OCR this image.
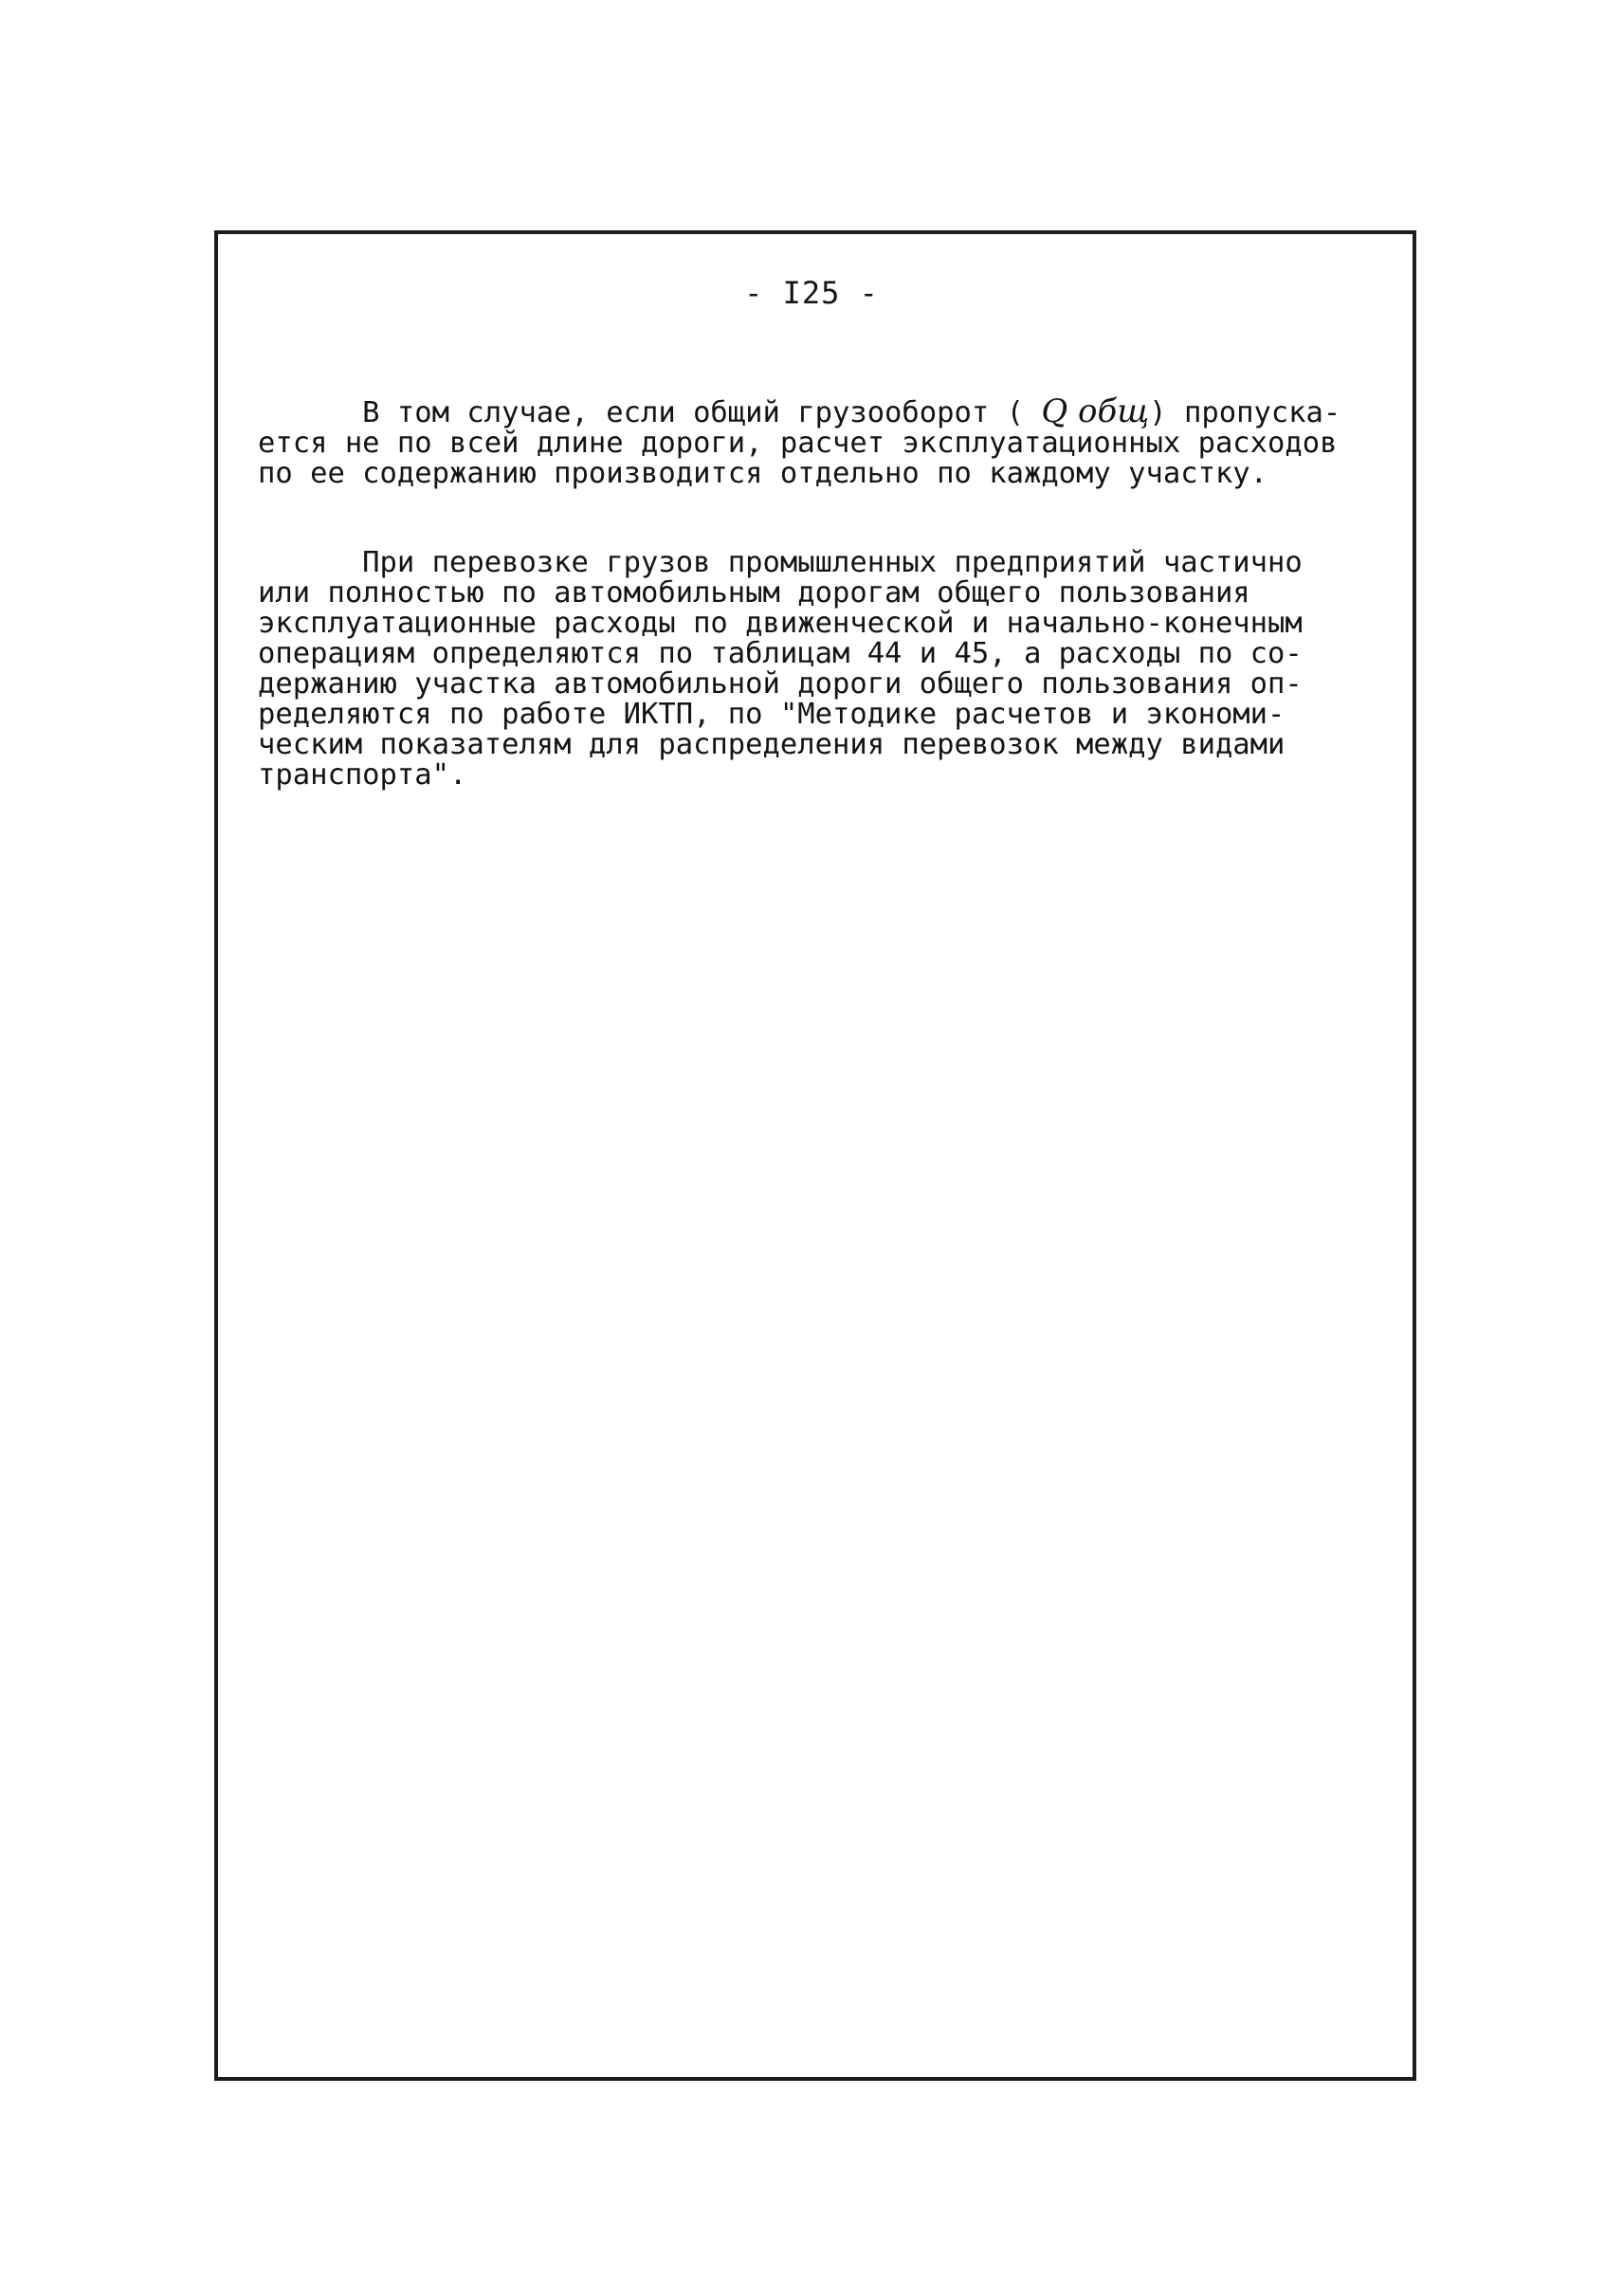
- I25 -
В том случае, если общий грузооборот ( Q общ) пропуска-
ется не по всей длине дороги, расчет эксплуатационных расходов
по ее содержанию производится отдельно по каждому участку.
При перевозке грузов промышленных предприятий частично
или полностью по автомобильным дорогам общего пользования
эксплуатационные расходы по движенческой и начально-конечным
операциям определяются по таблицам 44 и 45, а расходы по со-
держанию участка автомобильной дороги общего пользования оп-
ределяются по работе ИКТП, по "Методике расчетов и экономи-
ческим показателям для распределения перевозок между видами
транспорта".
